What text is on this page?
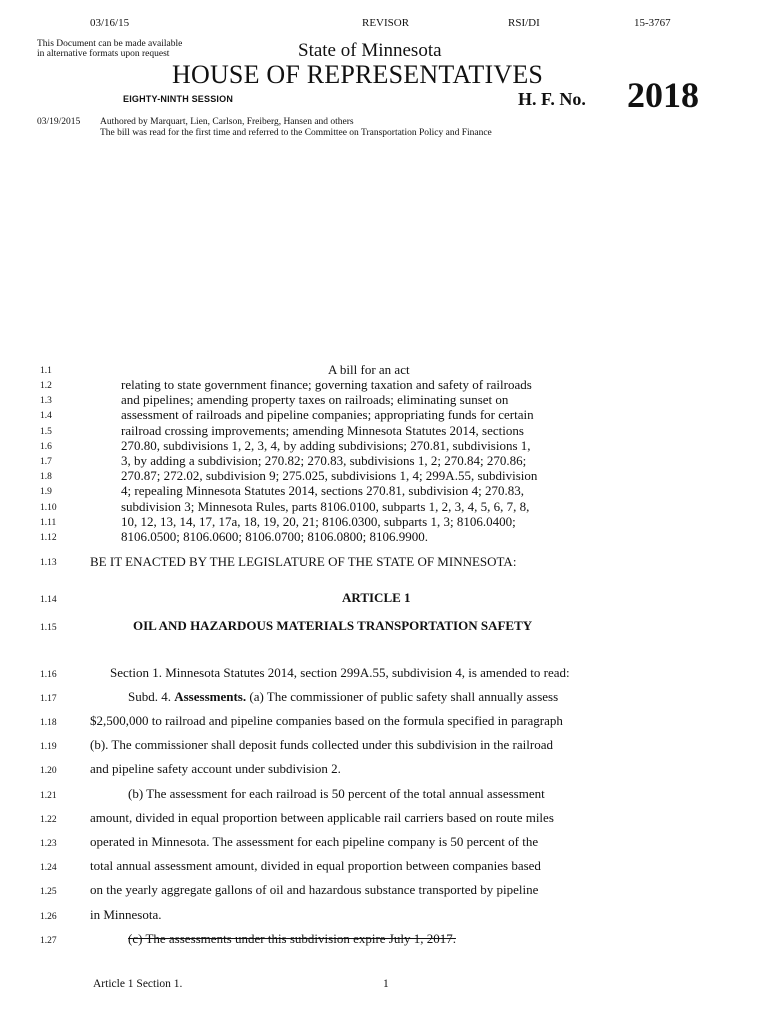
03/16/15	REVISOR	RSI/DI	15-3767
This Document can be made available
in alternative formats upon request	State of Minnesota
HOUSE OF REPRESENTATIVES
EIGHTY-NINTH SESSION	H. F. No. 2018
03/19/2015 Authored by Marquart, Lien, Carlson, Freiberg, Hansen and others
The bill was read for the first time and referred to the Committee on Transportation Policy and Finance
1.1	A bill for an act
1.2	relating to state government finance; governing taxation and safety of railroads
1.3	and pipelines; amending property taxes on railroads; eliminating sunset on
1.4	assessment of railroads and pipeline companies; appropriating funds for certain
1.5	railroad crossing improvements; amending Minnesota Statutes 2014, sections
1.6	270.80, subdivisions 1, 2, 3, 4, by adding subdivisions; 270.81, subdivisions 1,
1.7	3, by adding a subdivision; 270.82; 270.83, subdivisions 1, 2; 270.84; 270.86;
1.8	270.87; 272.02, subdivision 9; 275.025, subdivisions 1, 4; 299A.55, subdivision
1.9	4; repealing Minnesota Statutes 2014, sections 270.81, subdivision 4; 270.83,
1.10	subdivision 3; Minnesota Rules, parts 8106.0100, subparts 1, 2, 3, 4, 5, 6, 7, 8,
1.11	10, 12, 13, 14, 17, 17a, 18, 19, 20, 21; 8106.0300, subparts 1, 3; 8106.0400;
1.12	8106.0500; 8106.0600; 8106.0700; 8106.0800; 8106.9900.
1.13	BE IT ENACTED BY THE LEGISLATURE OF THE STATE OF MINNESOTA:
1.14	ARTICLE 1
1.15	OIL AND HAZARDOUS MATERIALS TRANSPORTATION SAFETY
1.16	Section 1. Minnesota Statutes 2014, section 299A.55, subdivision 4, is amended to read:
1.17	Subd. 4. Assessments. (a) The commissioner of public safety shall annually assess
1.18	$2,500,000 to railroad and pipeline companies based on the formula specified in paragraph
1.19	(b). The commissioner shall deposit funds collected under this subdivision in the railroad
1.20	and pipeline safety account under subdivision 2.
1.21	(b) The assessment for each railroad is 50 percent of the total annual assessment
1.22	amount, divided in equal proportion between applicable rail carriers based on route miles
1.23	operated in Minnesota. The assessment for each pipeline company is 50 percent of the
1.24	total annual assessment amount, divided in equal proportion between companies based
1.25	on the yearly aggregate gallons of oil and hazardous substance transported by pipeline
1.26	in Minnesota.
1.27	(c) The assessments under this subdivision expire July 1, 2017.
Article 1 Section 1.	1
